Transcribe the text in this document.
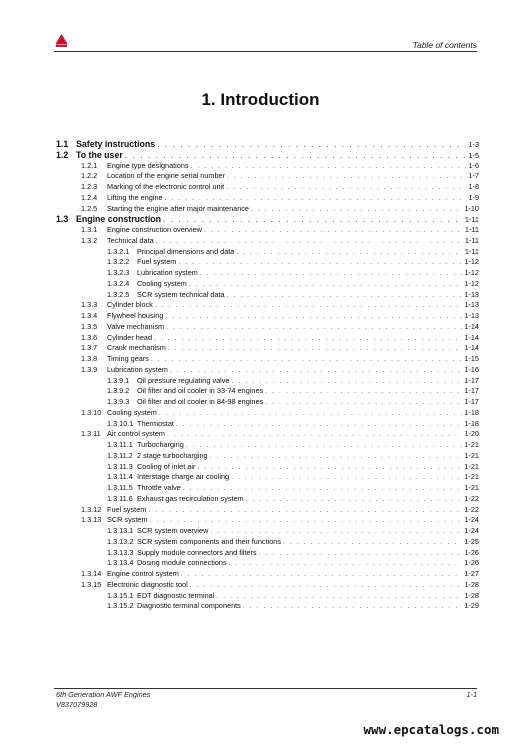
Table of contents
1. Introduction
1.1 Safety instructions . . .	1-3
1.2 To the user . . .	1-5
1.2.1	Engine type designations . . .	1-6
1.2.2	Location of the engine serial number . . .	1-7
1.2.3	Marking of the electronic control unit . . .	1-8
1.2.4	Lifting the engine . . .	1-9
1.2.5	Starting the engine after major maintenance . . .	1-10
1.3 Engine construction . . .	1-11
1.3.1	Engine construction overview . . .	1-11
1.3.2	Technical data . . .	1-11
1.3.2.1	Principal dimensions and data . . .	1-11
1.3.2.2	Fuel system . . .	1-12
1.3.2.3	Lubrication system . . .	1-12
1.3.2.4	Cooling system . . .	1-12
1.3.2.5	SCR system technical data . . .	1-13
1.3.3	Cylinder block . . .	1-13
1.3.4	Flywheel housing . . .	1-13
1.3.5	Valve mechanism . . .	1-14
1.3.6	Cylinder head . . .	1-14
1.3.7	Crank mechanism . . .	1-14
1.3.8	Timing gears . . .	1-15
1.3.9	Lubrication system . . .	1-16
1.3.9.1	Oil pressure regulating valve . . .	1-17
1.3.9.2	Oil filter and oil cooler in 33-74 engines . . .	1-17
1.3.9.3	Oil filter and oil cooler in 84-98 engines . . .	1-17
1.3.10 Cooling system . . .	1-18
1.3.10.1 Thermostat . . .	1-18
1.3.11 Air control system . . .	1-20
1.3.11.1 Turbocharging . . .	1-21
1.3.11.2 2 stage turbocharging . . .	1-21
1.3.11.3 Cooling of inlet air . . .	1-21
1.3.11.4 Interstage charge air cooling . . .	1-21
1.3.11.5 Throttle valve . . .	1-21
1.3.11.6 Exhaust gas recirculation system . . .	1-22
1.3.12 Fuel system . . .	1-22
1.3.13 SCR system . . .	1-24
1.3.13.1 SCR system overview . . .	1-24
1.3.13.2 SCR system components and their functions . . .	1-25
1.3.13.3 Supply module connectors and filters . . .	1-26
1.3.13.4 Dosing module connections . . .	1-26
1.3.14 Engine control system . . .	1-27
1.3.15 Electronic diagnostic tool . . .	1-28
1.3.15.1 EDT diagnostic terminal . . .	1-28
1.3.15.2 Diagnostic terminal components . . .	1-29
6th Generation AWF Engines
V837079928
1-1
www.epcatalogs.com
